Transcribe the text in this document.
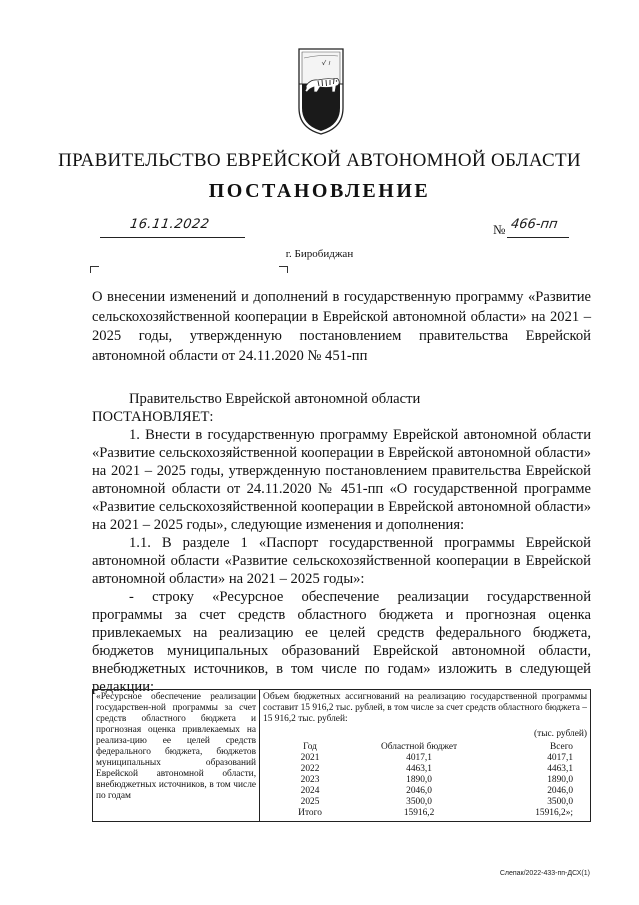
ПРАВИТЕЛЬСТВО ЕВРЕЙСКОЙ АВТОНОМНОЙ ОБЛАСТИ
ПОСТАНОВЛЕНИЕ
16.11.2022	№ 466-пп
г. Биробиджан
О внесении изменений и дополнений в государственную программу «Развитие сельскохозяйственной кооперации в Еврейской автономной области» на 2021 – 2025 годы, утвержденную постановлением правительства Еврейской автономной области от 24.11.2020 № 451-пп

Правительство Еврейской автономной области

ПОСТАНОВЛЯЕТ:

1. Внести в государственную программу Еврейской автономной области «Развитие сельскохозяйственной кооперации в Еврейской автономной области» на 2021 – 2025 годы, утвержденную постановлением правительства Еврейской автономной области от 24.11.2020 № 451-пп «О государственной программе «Развитие сельскохозяйственной кооперации в Еврейской автономной области» на 2021 – 2025 годы», следующие изменения и дополнения:

1.1. В разделе 1 «Паспорт государственной программы Еврейской автономной области «Развитие сельскохозяйственной кооперации в Еврейской автономной области» на 2021 – 2025 годы»:

- строку «Ресурсное обеспечение реализации государственной программы за счет средств областного бюджета и прогнозная оценка привлекаемых на реализацию ее целей средств федерального бюджета, бюджетов муниципальных образований Еврейской автономной области, внебюджетных источников, в том числе по годам» изложить в следующей редакции:

«Ресурсное обеспечение реализации государствен-ной программы за счет средств областного бюджета и прогнозная оценка привлекаемых на реализа-цию ее целей средств федерального бюджета, бюджетов муниципальных образований Еврейской автономной области, внебюджетных источников, в том числе по годам	

Объем бюджетных ассигнований на реализацию государственной программы составит 15 916,2 тыс. рублей, в том числе за счет средств областного бюджета – 15 916,2 тыс. рублей:

(тыс. рублей)

Год	Областной бюджет	Всего
2021	4017,1	4017,1
2022	4463,1	4463,1
2023	1890,0	1890,0
2024	2046,0	2046,0
2025	3500,0	3500,0
Итого	15916,2	15916,2»;
Слепак/2022-433-пп-ДСХ(1)
